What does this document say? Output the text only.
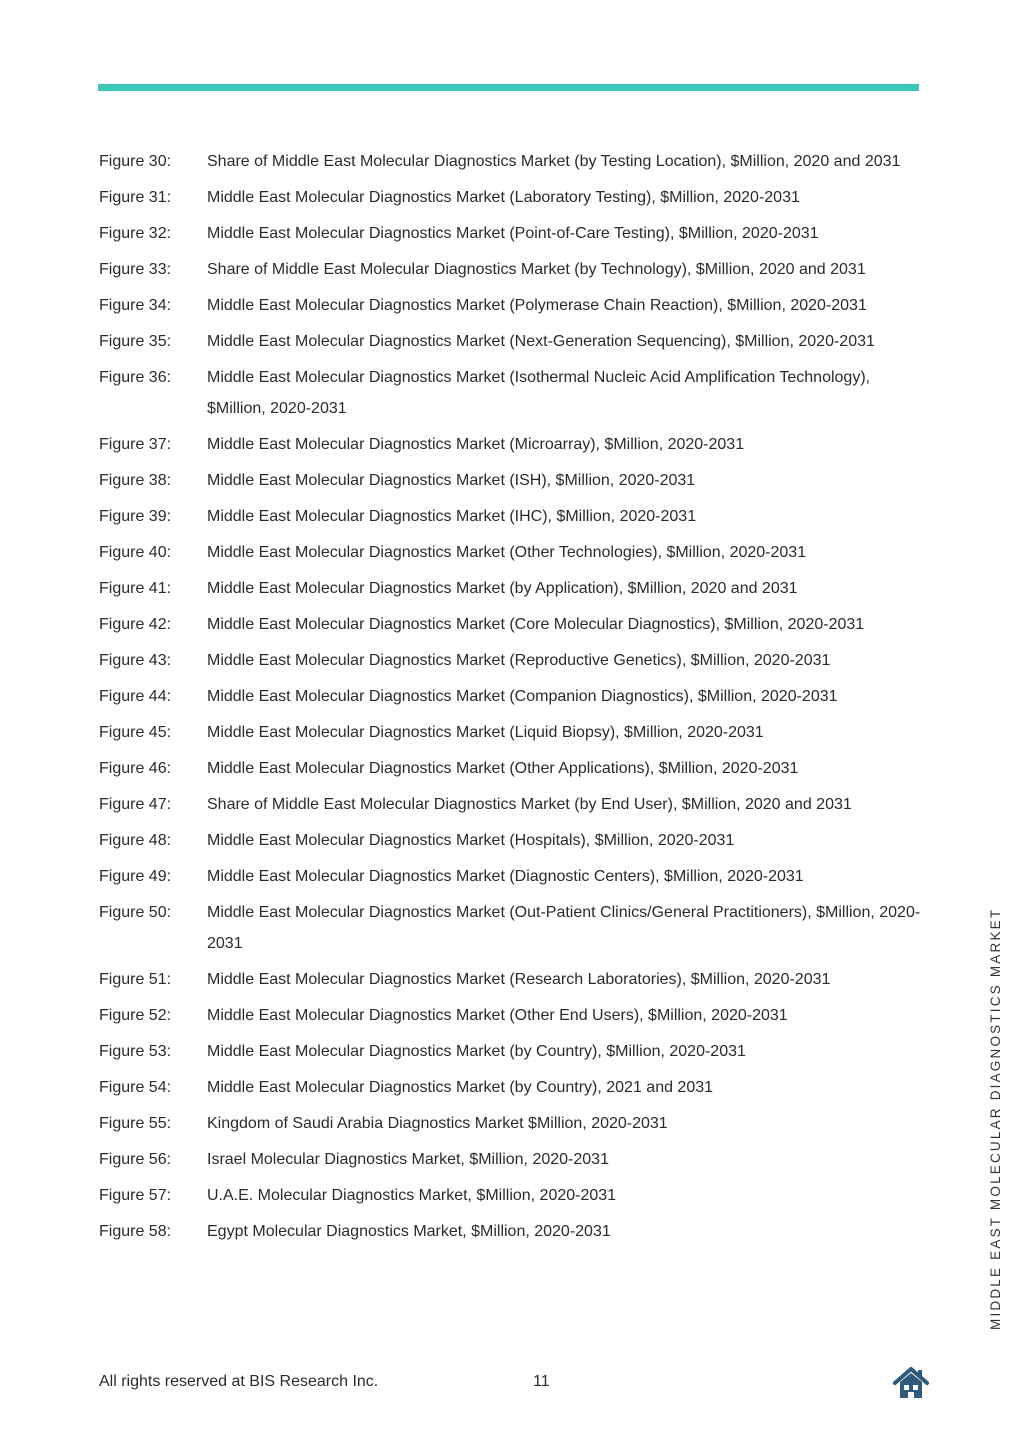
Figure 30:	Share of Middle East Molecular Diagnostics Market (by Testing Location), $Million, 2020 and 2031
Figure 31:	Middle East Molecular Diagnostics Market (Laboratory Testing), $Million, 2020-2031
Figure 32:	Middle East Molecular Diagnostics Market (Point-of-Care Testing), $Million, 2020-2031
Figure 33:	Share of Middle East Molecular Diagnostics Market (by Technology), $Million, 2020 and 2031
Figure 34:	Middle East Molecular Diagnostics Market (Polymerase Chain Reaction), $Million, 2020-2031
Figure 35:	Middle East Molecular Diagnostics Market (Next-Generation Sequencing), $Million, 2020-2031
Figure 36:	Middle East Molecular Diagnostics Market (Isothermal Nucleic Acid Amplification Technology), $Million, 2020-2031
Figure 37:	Middle East Molecular Diagnostics Market (Microarray), $Million, 2020-2031
Figure 38:	Middle East Molecular Diagnostics Market (ISH), $Million, 2020-2031
Figure 39:	Middle East Molecular Diagnostics Market (IHC), $Million, 2020-2031
Figure 40:	Middle East Molecular Diagnostics Market (Other Technologies), $Million, 2020-2031
Figure 41:	Middle East Molecular Diagnostics Market (by Application), $Million, 2020 and 2031
Figure 42:	Middle East Molecular Diagnostics Market (Core Molecular Diagnostics), $Million, 2020-2031
Figure 43:	Middle East Molecular Diagnostics Market (Reproductive Genetics), $Million, 2020-2031
Figure 44:	Middle East Molecular Diagnostics Market (Companion Diagnostics), $Million, 2020-2031
Figure 45:	Middle East Molecular Diagnostics Market (Liquid Biopsy), $Million, 2020-2031
Figure 46:	Middle East Molecular Diagnostics Market (Other Applications), $Million, 2020-2031
Figure 47:	Share of Middle East Molecular Diagnostics Market (by End User), $Million, 2020 and 2031
Figure 48:	Middle East Molecular Diagnostics Market (Hospitals), $Million, 2020-2031
Figure 49:	Middle East Molecular Diagnostics Market (Diagnostic Centers), $Million, 2020-2031
Figure 50:	Middle East Molecular Diagnostics Market (Out-Patient Clinics/General Practitioners), $Million, 2020-2031
Figure 51:	Middle East Molecular Diagnostics Market (Research Laboratories), $Million, 2020-2031
Figure 52:	Middle East Molecular Diagnostics Market (Other End Users), $Million, 2020-2031
Figure 53:	Middle East Molecular Diagnostics Market (by Country), $Million, 2020-2031
Figure 54:	Middle East Molecular Diagnostics Market (by Country), 2021 and 2031
Figure 55:	Kingdom of Saudi Arabia Diagnostics Market $Million, 2020-2031
Figure 56:	Israel Molecular Diagnostics Market, $Million, 2020-2031
Figure 57:	U.A.E. Molecular Diagnostics Market, $Million, 2020-2031
Figure 58:	Egypt Molecular Diagnostics Market, $Million, 2020-2031	MIDDLE EAST MOLECULAR DIAGNOSTICS MARKET
All rights reserved at BIS Research Inc.	11
